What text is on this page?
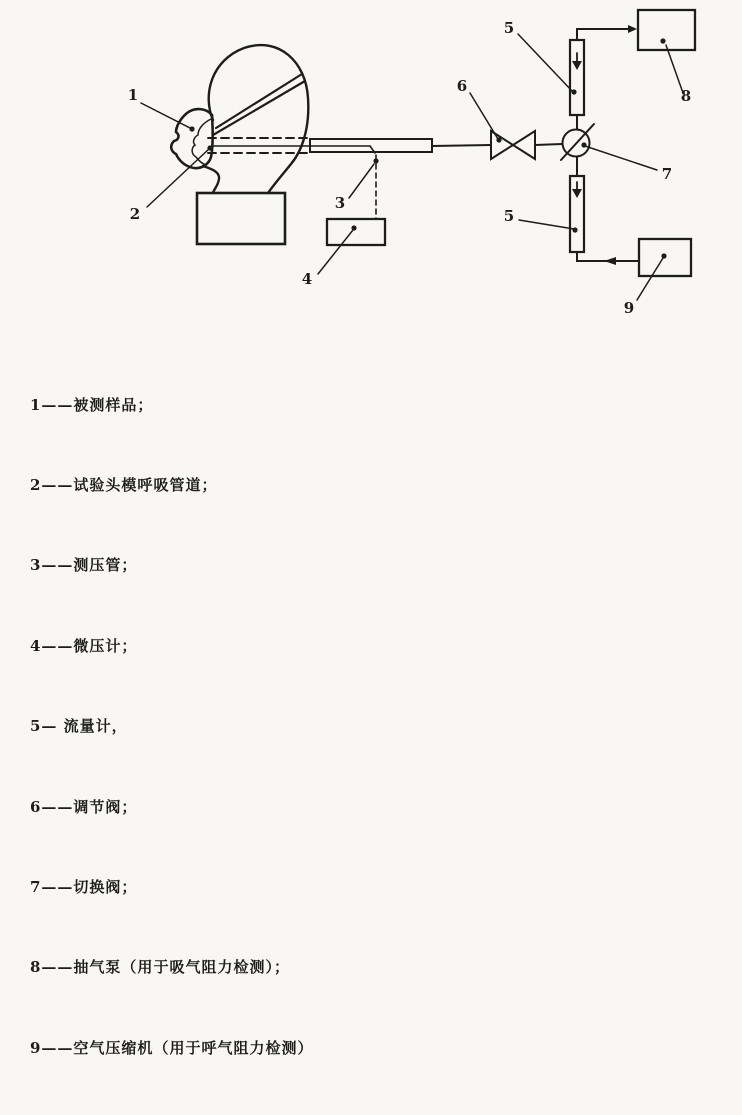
1
2
3
4
5
5
6
7
8
9

1——被测样品；

2——试验头模呼吸管道；

3——测压管；

4——微压计；

5— 流量计，

6——调节阀；

7——切换阀；

8——抽气泵（用于吸气阻力检测）；

9——空气压缩机（用于呼气阻力检测）
